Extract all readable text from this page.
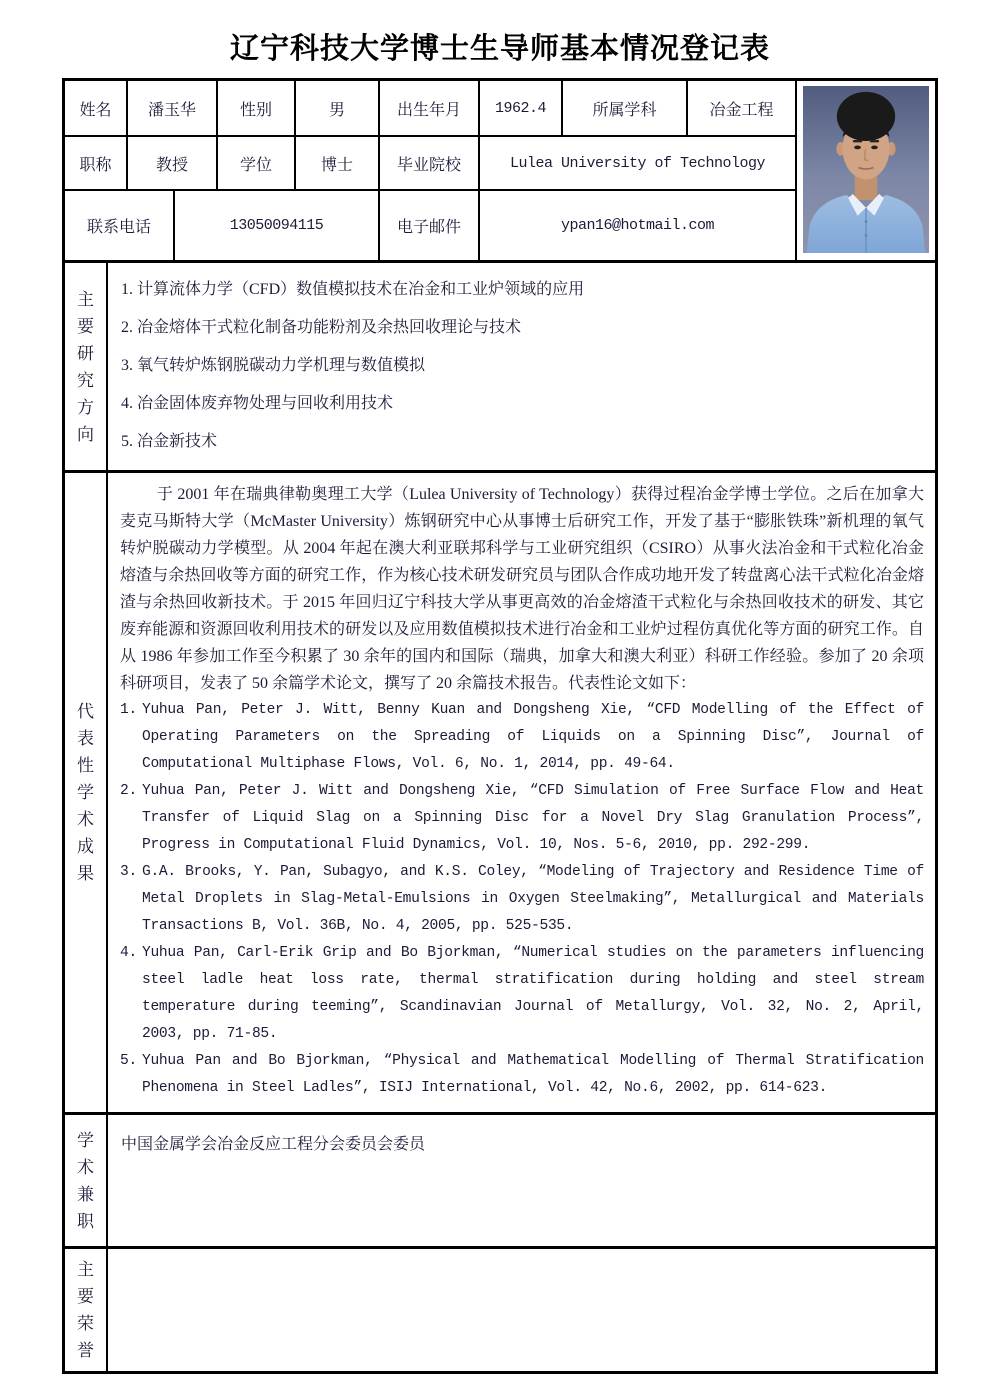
辽宁科技大学博士生导师基本情况登记表
姓名	潘玉华	性别	男	出生年月	1962.4	所属学科	冶金工程
职称	教授	学位	博士	毕业院校	Lulea University of Technology
联系电话	13050094115	电子邮件	ypan16@hotmail.com
主要研究方向
1. 计算流体力学（CFD）数值模拟技术在冶金和工业炉领域的应用
2. 冶金熔体干式粒化制备功能粉剂及余热回收理论与技术
3. 氧气转炉炼钢脱碳动力学机理与数值模拟
4. 冶金固体废弃物处理与回收利用技术
5. 冶金新技术
代表性学术成果

于 2001 年在瑞典律勒奥理工大学（Lulea University of Technology）获得过程冶金学博士学位。之后在加拿大麦克马斯特大学（McMaster University）炼钢研究中心从事博士后研究工作，开发了基于“膨胀铁珠”新机理的氧气转炉脱碳动力学模型。从 2004 年起在澳大利亚联邦科学与工业研究组织（CSIRO）从事火法冶金和干式粒化冶金熔渣与余热回收等方面的研究工作，作为核心技术研发研究员与团队合作成功地开发了转盘离心法干式粒化冶金熔渣与余热回收新技术。于 2015 年回归辽宁科技大学从事更高效的冶金熔渣干式粒化与余热回收技术的研发、其它废弃能源和资源回收利用技术的研发以及应用数值模拟技术进行冶金和工业炉过程仿真优化等方面的研究工作。自从 1986 年参加工作至今积累了 30 余年的国内和国际（瑞典，加拿大和澳大利亚）科研工作经验。参加了 20 余项科研项目，发表了 50 余篇学术论文，撰写了 20 余篇技术报告。代表性论文如下：

1. Yuhua Pan, Peter J. Witt, Benny Kuan and Dongsheng Xie, “CFD Modelling of the Effect of Operating Parameters on the Spreading of Liquids on a Spinning Disc”, Journal of Computational Multiphase Flows, Vol. 6, No. 1, 2014, pp. 49-64.
2. Yuhua Pan, Peter J. Witt and Dongsheng Xie, “CFD Simulation of Free Surface Flow and Heat Transfer of Liquid Slag on a Spinning Disc for a Novel Dry Slag Granulation Process”, Progress in Computational Fluid Dynamics, Vol. 10, Nos. 5-6, 2010, pp. 292-299.
3. G.A. Brooks, Y. Pan, Subagyo, and K.S. Coley, “Modeling of Trajectory and Residence Time of Metal Droplets in Slag-Metal-Emulsions in Oxygen Steelmaking”, Metallurgical and Materials Transactions B, Vol. 36B, No. 4, 2005, pp. 525-535.
4. Yuhua Pan, Carl-Erik Grip and Bo Bjorkman, “Numerical studies on the parameters influencing steel ladle heat loss rate, thermal stratification during holding and steel stream temperature during teeming”, Scandinavian Journal of Metallurgy, Vol. 32, No. 2, April, 2003, pp. 71-85.
5. Yuhua Pan and Bo Bjorkman, “Physical and Mathematical Modelling of Thermal Stratification Phenomena in Steel Ladles”, ISIJ International, Vol. 42, No.6, 2002, pp. 614-623.
学术兼职
中国金属学会冶金反应工程分会委员会委员
主要荣誉
